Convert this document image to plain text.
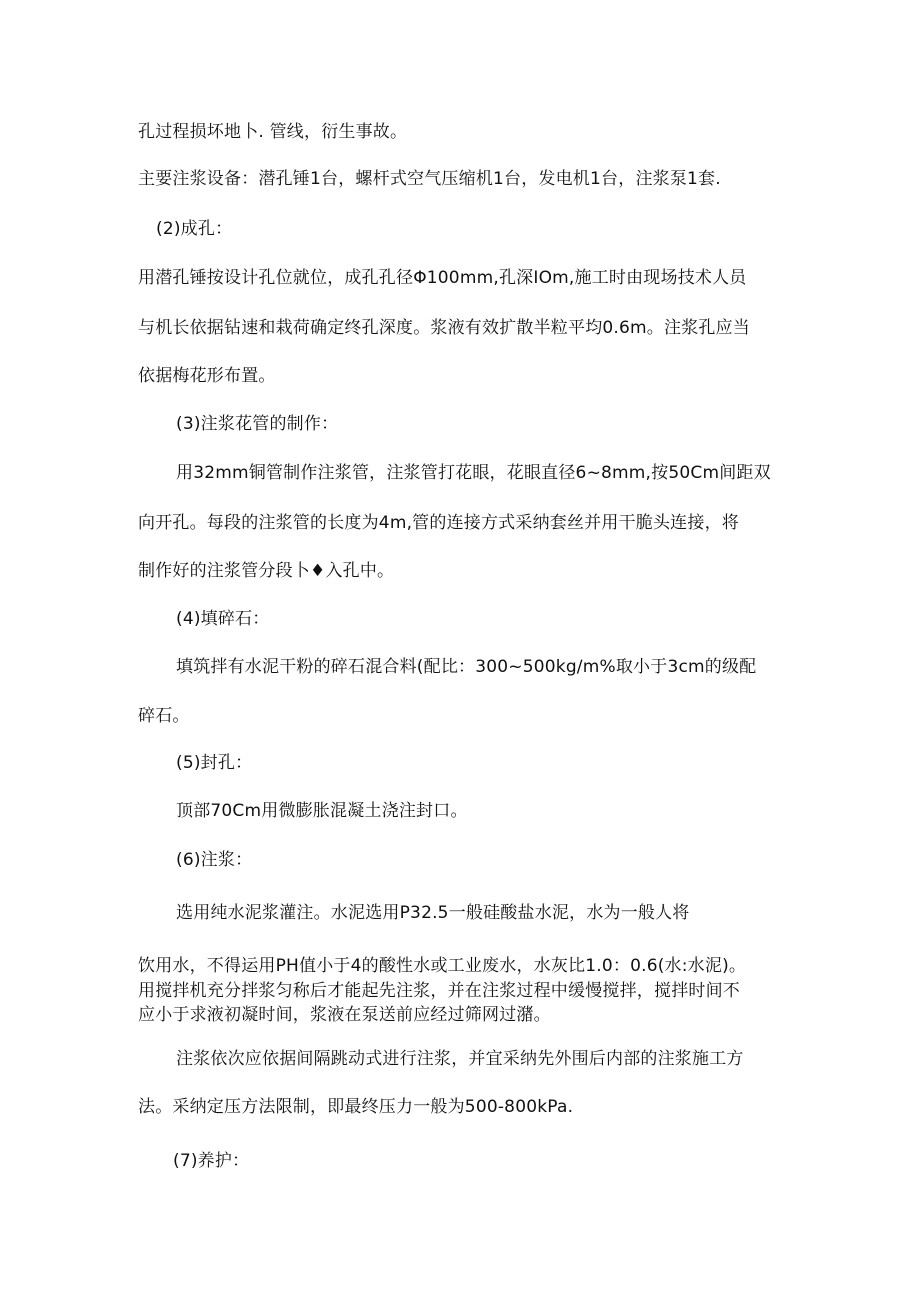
孔过程损坏地卜. 管线，衍生事故。
主要注浆设备：潜孔锤1台，螺杆式空气压缩机1台，发电机1台，注浆泵1套.
(2)成孔：
用潜孔锤按设计孔位就位，成孔孔径Φ100mm,孔深IOm,施工时由现场技术人员
与机长依据钻速和栽荷确定终孔深度。浆液有效扩散半粒平均0.6m。注浆孔应当
依据梅花形布置。
(3)注浆花管的制作：
用32mm铜管制作注浆管，注浆管打花眼，花眼直径6~8mm,按50Cm间距双
向开孔。每段的注浆管的长度为4m,管的连接方式采纳套丝并用干脆头连接，将
制作好的注浆管分段卜♦入孔中。
(4)填碎石：
填筑拌有水泥干粉的碎石混合料(配比：300~500kg∕m%取小于3cm的级配
碎石。
(5)封孔：
顶部70Cm用微膨胀混凝土浇注封口。
(6)注浆：
选用纯水泥浆灌注。水泥选用P32.5一般硅酸盐水泥，水为一般人将
饮用水，不得运用PH值小于4的酸性水或工业废水，水灰比1.0：0.6(水:水泥)。
用搅拌机充分拌浆匀称后才能起先注浆，并在注浆过程中缓慢搅拌，搅拌时间不
应小于求液初凝时间，浆液在泵送前应经过筛网过潴。
注浆依次应依据间隔跳动式进行注浆，并宜采纳先外围后内部的注浆施工方
法。采纳定压方法限制，即最终压力一般为500-800kPa.
(7)养护：
